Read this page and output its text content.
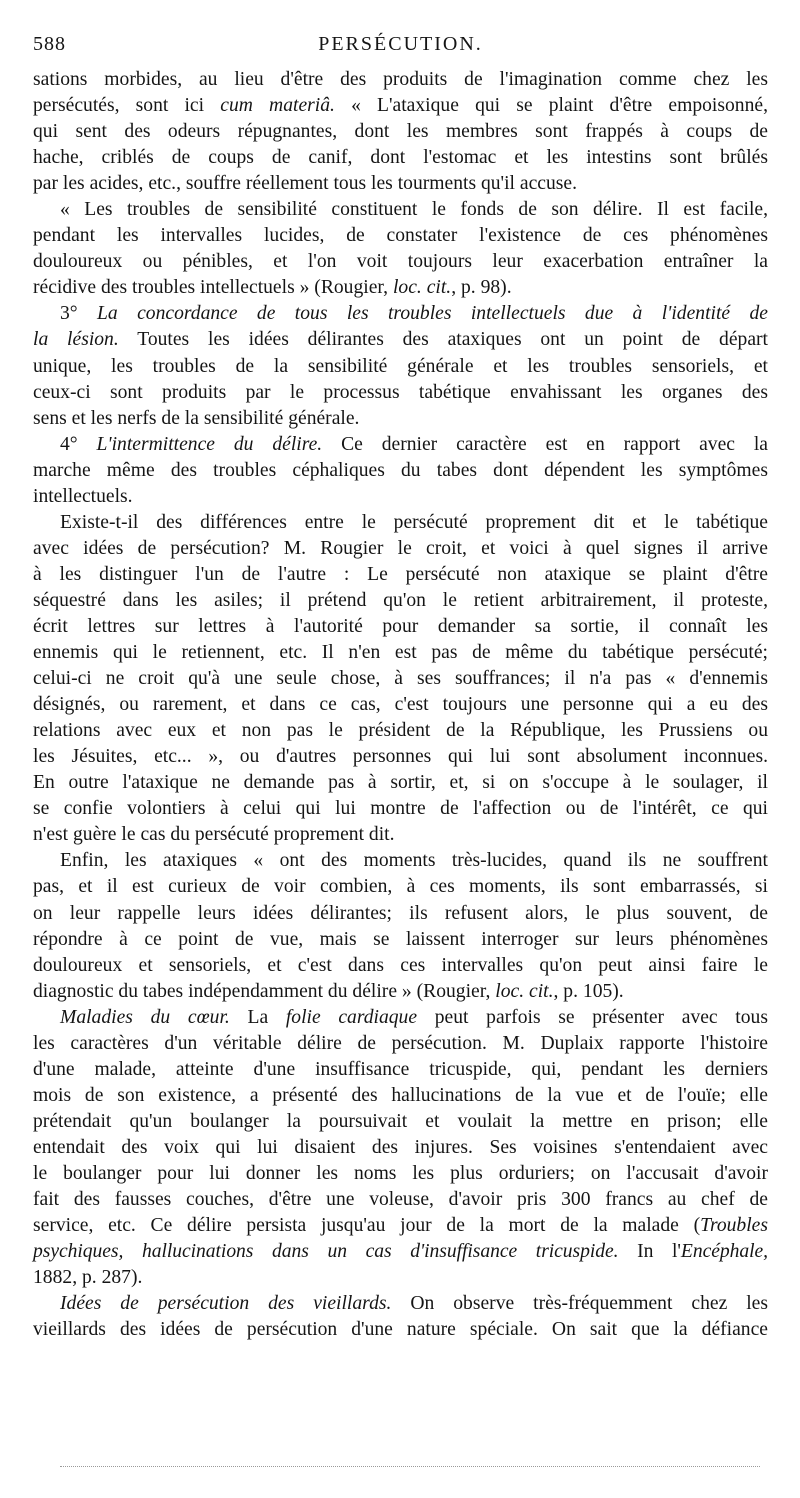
588	PERSÉCUTION.

sations morbides, au lieu d'être des produits de l'imagination comme chez les

persécutés, sont ici cum materiâ. « L'ataxique qui se plaint d'être empoisonné,

qui sent des odeurs répugnantes, dont les membres sont frappés à coups de

hache, criblés de coups de canif, dont l'estomac et les intestins sont brûlés

par les acides, etc., souffre réellement tous les tourments qu'il accuse.

« Les troubles de sensibilité constituent le fonds de son délire. Il est facile,

pendant les intervalles lucides, de constater l'existence de ces phénomènes

douloureux ou pénibles, et l'on voit toujours leur exacerbation entraîner la

récidive des troubles intellectuels » (Rougier, loc. cit., p. 98).

3° La concordance de tous les troubles intellectuels due à l'identité de

la lésion. Toutes les idées délirantes des ataxiques ont un point de départ

unique, les troubles de la sensibilité générale et les troubles sensoriels, et

ceux-ci sont produits par le processus tabétique envahissant les organes des

sens et les nerfs de la sensibilité générale.

4° L'intermittence du délire. Ce dernier caractère est en rapport avec la

marche même des troubles céphaliques du tabes dont dépendent les symptômes

intellectuels.

Existe-t-il des différences entre le persécuté proprement dit et le tabétique

avec idées de persécution? M. Rougier le croit, et voici à quel signes il arrive

à les distinguer l'un de l'autre : Le persécuté non ataxique se plaint d'être

séquestré dans les asiles; il prétend qu'on le retient arbitrairement, il proteste,

écrit lettres sur lettres à l'autorité pour demander sa sortie, il connaît les

ennemis qui le retiennent, etc. Il n'en est pas de même du tabétique persécuté;

celui-ci ne croit qu'à une seule chose, à ses souffrances; il n'a pas « d'ennemis

désignés, ou rarement, et dans ce cas, c'est toujours une personne qui a eu des

relations avec eux et non pas le président de la République, les Prussiens ou

les Jésuites, etc... », ou d'autres personnes qui lui sont absolument inconnues.

En outre l'ataxique ne demande pas à sortir, et, si on s'occupe à le soulager, il

se confie volontiers à celui qui lui montre de l'affection ou de l'intérêt, ce qui

n'est guère le cas du persécuté proprement dit.

Enfin, les ataxiques « ont des moments très-lucides, quand ils ne souffrent

pas, et il est curieux de voir combien, à ces moments, ils sont embarrassés, si

on leur rappelle leurs idées délirantes; ils refusent alors, le plus souvent, de

répondre à ce point de vue, mais se laissent interroger sur leurs phénomènes

douloureux et sensoriels, et c'est dans ces intervalles qu'on peut ainsi faire le

diagnostic du tabes indépendamment du délire » (Rougier, loc. cit., p. 105).

Maladies du cœur. La folie cardiaque peut parfois se présenter avec tous

les caractères d'un véritable délire de persécution. M. Duplaix rapporte l'histoire

d'une malade, atteinte d'une insuffisance tricuspide, qui, pendant les derniers

mois de son existence, a présenté des hallucinations de la vue et de l'ouïe; elle

prétendait qu'un boulanger la poursuivait et voulait la mettre en prison; elle

entendait des voix qui lui disaient des injures. Ses voisines s'entendaient avec

le boulanger pour lui donner les noms les plus orduriers; on l'accusait d'avoir

fait des fausses couches, d'être une voleuse, d'avoir pris 300 francs au chef de

service, etc. Ce délire persista jusqu'au jour de la mort de la malade (Troubles

psychiques, hallucinations dans un cas d'insuffisance tricuspide. In l'Encéphale,

1882, p. 287).

Idées de persécution des vieillards. On observe très-fréquemment chez les

vieillards des idées de persécution d'une nature spéciale. On sait que la défiance
